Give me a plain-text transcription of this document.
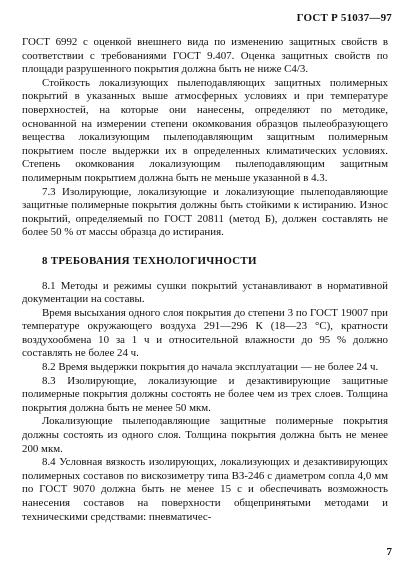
ГОСТ Р 51037—97

ГОСТ 6992 с оценкой внешнего вида по изменению защитных свойств в соответствии с требованиями ГОСТ 9.407. Оценка защитных свойств по площади разрушенного покрытия должна быть не ниже С4/3.

Стойкость локализующих пылеподавляющих защитных полимерных покрытий в указанных выше атмосферных условиях и при температуре поверхностей, на которые они нанесены, определяют по методике, основанной на измерении степени окомкования образцов пылеобразующего вещества локализующим пылеподавляющим защитным полимерным покрытием после выдержки их в определенных климатических условиях. Степень окомкования локализующим пылеподавляющим защитным полимерным покрытием должна быть не меньше указанной в 4.3.

7.3 Изолирующие, локализующие и локализующие пылеподавляющие защитные полимерные покрытия должны быть стойкими к истиранию. Износ покрытий, определяемый по ГОСТ 20811 (метод Б), должен составлять не более 50 % от массы образца до истирания.

8 ТРЕБОВАНИЯ ТЕХНОЛОГИЧНОСТИ

8.1 Методы и режимы сушки покрытий устанавливают в нормативной документации на составы.

Время высыхания одного слоя покрытия до степени 3 по ГОСТ 19007 при температуре окружающего воздуха 291—296 К (18—23 °С), кратности воздухообмена 10 за 1 ч и относительной влажности до 95 % должно составлять не более 24 ч.

8.2 Время выдержки покрытия до начала эксплуатации — не более 24 ч.

8.3 Изолирующие, локализующие и дезактивирующие защитные полимерные покрытия должны состоять не более чем из трех слоев. Толщина покрытия должна быть не менее 50 мкм.

Локализующие пылеподавляющие защитные полимерные покрытия должны состоять из одного слоя. Толщина покрытия должна быть не менее 200 мкм.

8.4 Условная вязкость изолирующих, локализующих и дезактивирующих полимерных составов по вискозиметру типа ВЗ-246 с диаметром сопла 4,0 мм по ГОСТ 9070 должна быть не менее 15 с и обеспечивать возможность нанесения составов на поверхности общепринятыми методами и техническими средствами: пневматичес-

7
